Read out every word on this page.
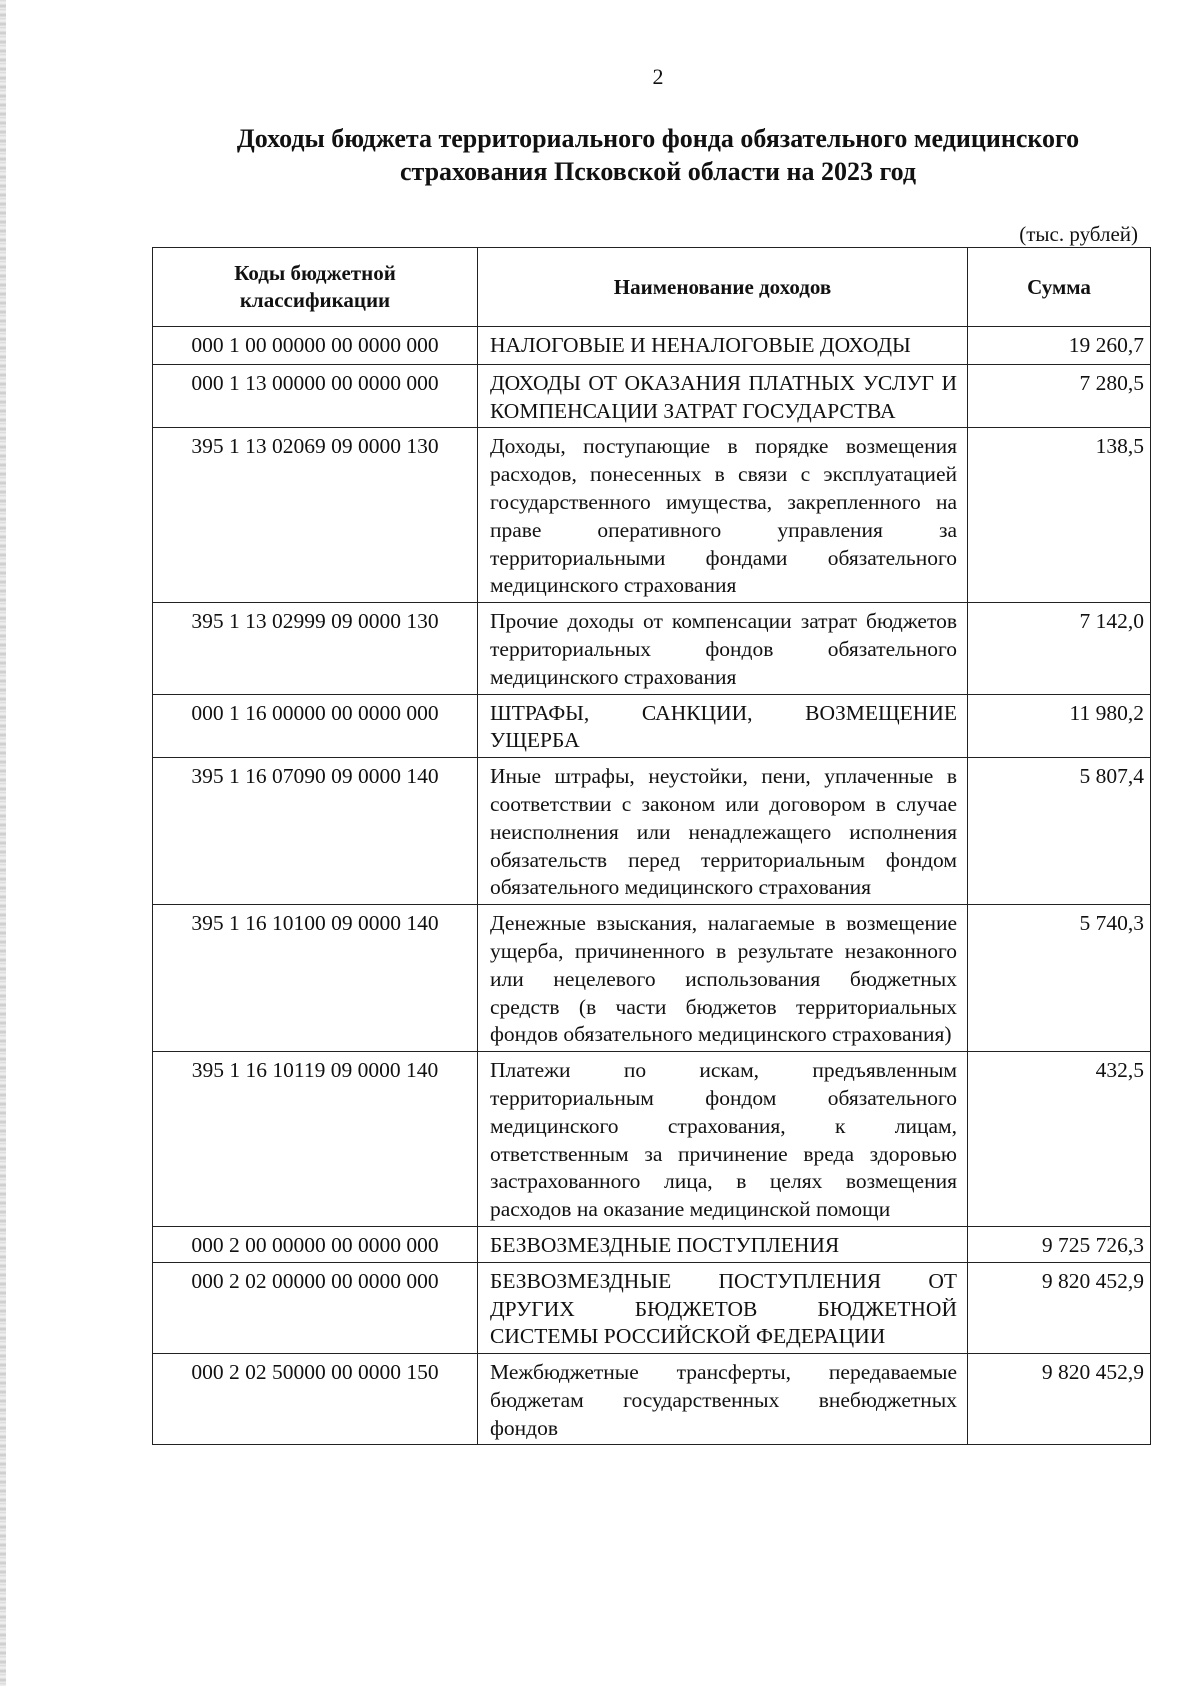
2
Доходы бюджета территориального фонда обязательного медицинского
страхования Псковской области на 2023 год
(тыс. рублей)
Коды бюджетной
классификации	Наименование доходов	Сумма
000 1 00 00000 00 0000 000	НАЛОГОВЫЕ И НЕНАЛОГОВЫЕ ДОХОДЫ	19 260,7
000 1 13 00000 00 0000 000	ДОХОДЫ ОТ ОКАЗАНИЯ ПЛАТНЫХ УСЛУГ И КОМПЕНСАЦИИ ЗАТРАТ ГОСУДАРСТВА	7 280,5
395 1 13 02069 09 0000 130	Доходы, поступающие в порядке возмещения расходов, понесенных в связи с эксплуатацией государственного имущества, закрепленного на праве оперативного управления за территориальными фондами обязательного медицинского страхования	138,5
395 1 13 02999 09 0000 130	Прочие доходы от компенсации затрат бюджетов территориальных фондов обязательного медицинского страхования	7 142,0
000 1 16 00000 00 0000 000	ШТРАФЫ, САНКЦИИ, ВОЗМЕЩЕНИЕ УЩЕРБА	11 980,2
395 1 16 07090 09 0000 140	Иные штрафы, неустойки, пени, уплаченные в соответствии с законом или договором в случае неисполнения или ненадлежащего исполнения обязательств перед территориальным фондом обязательного медицинского страхования	5 807,4
395 1 16 10100 09 0000 140	Денежные взыскания, налагаемые в возмещение ущерба, причиненного в результате незаконного или нецелевого использования бюджетных средств (в части бюджетов территориальных фондов обязательного медицинского страхования)	5 740,3
395 1 16 10119 09 0000 140	Платежи по искам, предъявленным территориальным фондом обязательного медицинского страхования, к лицам, ответственным за причинение вреда здоровью застрахованного лица, в целях возмещения расходов на оказание медицинской помощи	432,5
000 2 00 00000 00 0000 000	БЕЗВОЗМЕЗДНЫЕ ПОСТУПЛЕНИЯ	9 725 726,3
000 2 02 00000 00 0000 000	БЕЗВОЗМЕЗДНЫЕ ПОСТУПЛЕНИЯ ОТ ДРУГИХ БЮДЖЕТОВ БЮДЖЕТНОЙ СИСТЕМЫ РОССИЙСКОЙ ФЕДЕРАЦИИ	9 820 452,9
000 2 02 50000 00 0000 150	Межбюджетные трансферты, передаваемые бюджетам государственных внебюджетных фондов	9 820 452,9
